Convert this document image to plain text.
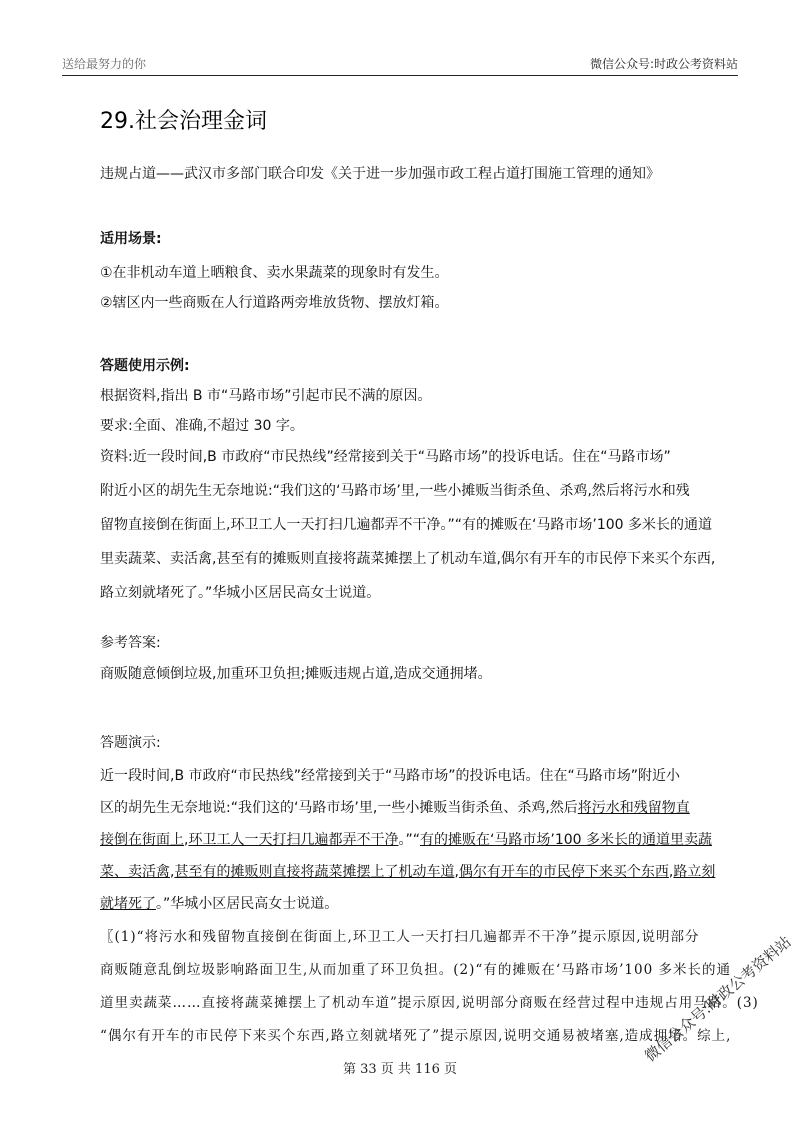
送给最努力的你	微信公众号:时政公考资料站
29.社会治理金词
违规占道——武汉市多部门联合印发《关于进一步加强市政工程占道打围施工管理的通知》
适用场景:
①在非机动车道上晒粮食、卖水果蔬菜的现象时有发生。
②辖区内一些商贩在人行道路两旁堆放货物、摆放灯箱。
答题使用示例:
根据资料,指出 B 市“马路市场”引起市民不满的原因。
要求:全面、准确,不超过 30 字。
资料:近一段时间,B 市政府“市民热线”经常接到关于“马路市场”的投诉电话。住在“马路市场”
附近小区的胡先生无奈地说:“我们这的‘马路市场’里,一些小摊贩当街杀鱼、杀鸡,然后将污水和残
留物直接倒在街面上,环卫工人一天打扫几遍都弄不干净。”“有的摊贩在‘马路市场’100 多米长的通道
里卖蔬菜、卖活禽,甚至有的摊贩则直接将蔬菜摊摆上了机动车道,偶尔有开车的市民停下来买个东西,
路立刻就堵死了。”华城小区居民高女士说道。
参考答案:
商贩随意倾倒垃圾,加重环卫负担;摊贩违规占道,造成交通拥堵。
答题演示:
近一段时间,B 市政府“市民热线”经常接到关于“马路市场”的投诉电话。住在“马路市场”附近小
区的胡先生无奈地说:“我们这的‘马路市场’里,一些小摊贩当街杀鱼、杀鸡,然后将污水和残留物直
接倒在街面上,环卫工人一天打扫几遍都弄不干净。”“有的摊贩在‘马路市场’100 多米长的通道里卖蔬
菜、卖活禽,甚至有的摊贩则直接将蔬菜摊摆上了机动车道,偶尔有开车的市民停下来买个东西,路立刻
就堵死了。”华城小区居民高女士说道。
〖(1)“将污水和残留物直接倒在街面上,环卫工人一天打扫几遍都弄不干净”提示原因,说明部分
商贩随意乱倒垃圾影响路面卫生,从而加重了环卫负担。(2)“有的摊贩在‘马路市场’100 多米长的通
道里卖蔬菜……直接将蔬菜摊摆上了机动车道”提示原因,说明部分商贩在经营过程中违规占用马路。(3)
“偶尔有开车的市民停下来买个东西,路立刻就堵死了”提示原因,说明交通易被堵塞,造成拥堵。综上,
第 33 页 共 116 页
微信公众号:时政公考资料站
